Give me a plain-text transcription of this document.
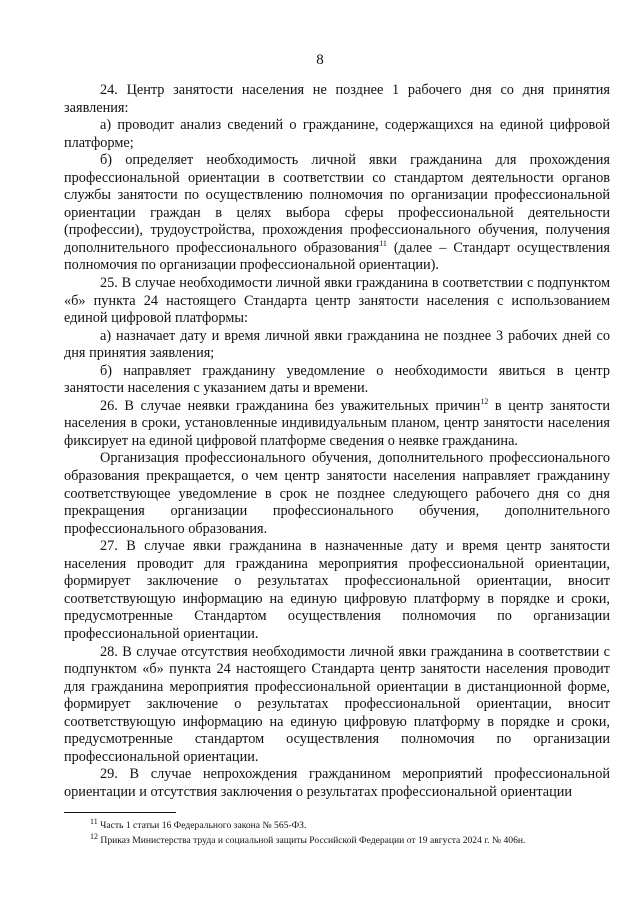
8

24. Центр занятости населения не позднее 1 рабочего дня со дня принятия заявления:

а) проводит анализ сведений о гражданине, содержащихся на единой цифровой платформе;

б) определяет необходимость личной явки гражданина для прохождения профессиональной ориентации в соответствии со стандартом деятельности органов службы занятости по осуществлению полномочия по организации профессиональной ориентации граждан в целях выбора сферы профессиональной деятельности (профессии), трудоустройства, прохождения профессионального обучения, получения дополнительного профессионального образования$^{11}$ (далее – Стандарт осуществления полномочия по организации профессиональной ориентации).

25. В случае необходимости личной явки гражданина в соответствии с подпунктом «б» пункта 24 настоящего Стандарта центр занятости населения с использованием единой цифровой платформы:

а) назначает дату и время личной явки гражданина не позднее 3 рабочих дней со дня принятия заявления;

б) направляет гражданину уведомление о необходимости явиться в центр занятости населения с указанием даты и времени.

26. В случае неявки гражданина без уважительных причин$^{12}$ в центр занятости населения в сроки, установленные индивидуальным планом, центр занятости населения фиксирует на единой цифровой платформе сведения о неявке гражданина.

Организация профессионального обучения, дополнительного профессионального образования прекращается, о чем центр занятости населения направляет гражданину соответствующее уведомление в срок не позднее следующего рабочего дня со дня прекращения организации профессионального обучения, дополнительного профессионального образования.

27. В случае явки гражданина в назначенные дату и время центр занятости населения проводит для гражданина мероприятия профессиональной ориентации, формирует заключение о результатах профессиональной ориентации, вносит соответствующую информацию на единую цифровую платформу в порядке и сроки, предусмотренные Стандартом осуществления полномочия по организации профессиональной ориентации.

28. В случае отсутствия необходимости личной явки гражданина в соответствии с подпунктом «б» пункта 24 настоящего Стандарта центр занятости населения проводит для гражданина мероприятия профессиональной ориентации в дистанционной форме, формирует заключение о результатах профессиональной ориентации, вносит соответствующую информацию на единую цифровую платформу в порядке и сроки, предусмотренные стандартом осуществления полномочия по организации профессиональной ориентации.

29. В случае непрохождения гражданином мероприятий профессиональной ориентации и отсутствия заключения о результатах профессиональной ориентации

$^{11}$ Часть 1 статьи 16 Федерального закона № 565-ФЗ.
$^{12}$ Приказ Министерства труда и социальной защиты Российской Федерации от 19 августа 2024 г. № 406н.
